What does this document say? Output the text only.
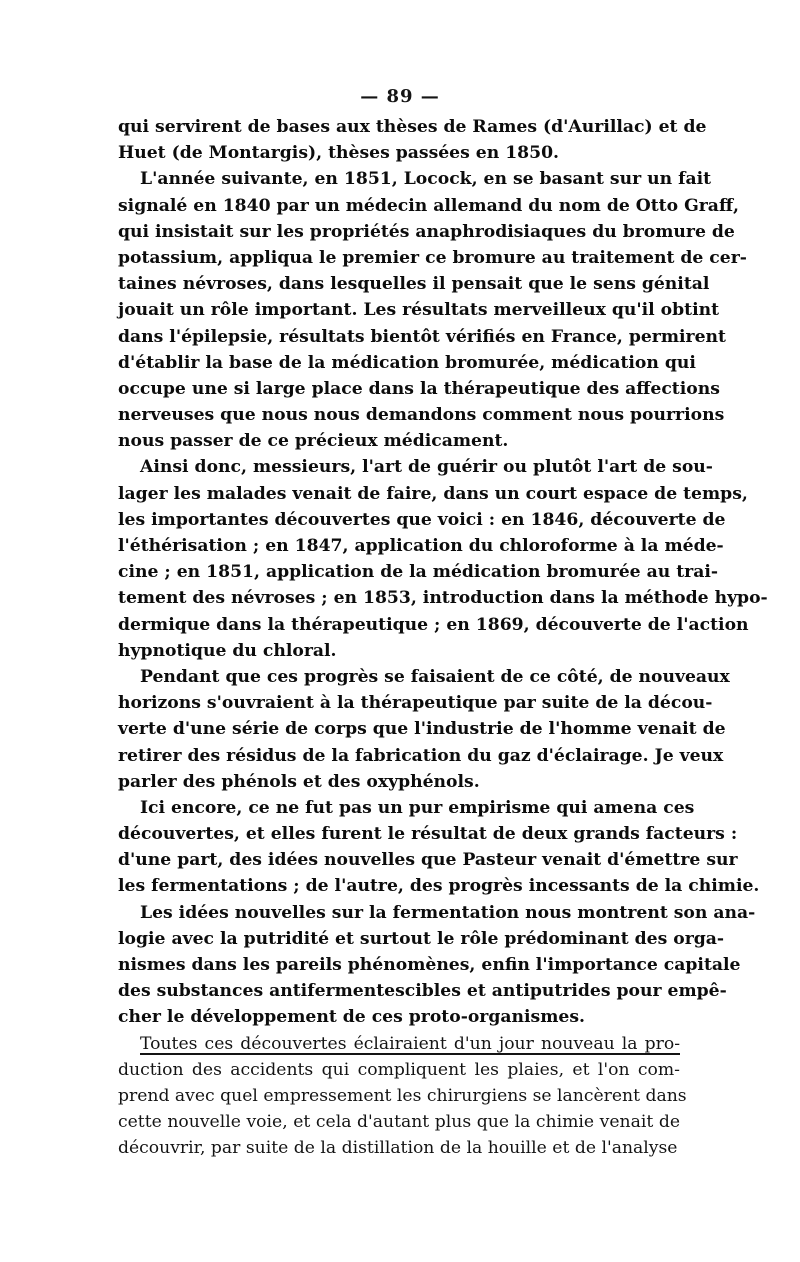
— 89 —
qui servirent de bases aux thèses de Rames (d'Aurillac) et de
Huet (de Montargis), thèses passées en 1850.
L'année suivante, en 1851, Locock, en se basant sur un fait
signalé en 1840 par un médecin allemand du nom de Otto Graff,
qui insistait sur les propriétés anaphrodisiaques du bromure de
potassium, appliqua le premier ce bromure au traitement de cer-
taines névroses, dans lesquelles il pensait que le sens génital
jouait un rôle important. Les résultats merveilleux qu'il obtint
dans l'épilepsie, résultats bientôt vérifiés en France, permirent
d'établir la base de la médication bromurée, médication qui
occupe une si large place dans la thérapeutique des affections
nerveuses que nous nous demandons comment nous pourrions
nous passer de ce précieux médicament.
Ainsi donc, messieurs, l'art de guérir ou plutôt l'art de sou-
lager les malades venait de faire, dans un court espace de temps,
les importantes découvertes que voici : en 1846, découverte de
l'éthérisation ; en 1847, application du chloroforme à la méde-
cine ; en 1851, application de la médication bromurée au trai-
tement des névroses ; en 1853, introduction dans la méthode hypo-
dermique dans la thérapeutique ; en 1869, découverte de l'action
hypnotique du chloral.
Pendant que ces progrès se faisaient de ce côté, de nouveaux
horizons s'ouvraient à la thérapeutique par suite de la décou-
verte d'une série de corps que l'industrie de l'homme venait de
retirer des résidus de la fabrication du gaz d'éclairage. Je veux
parler des phénols et des oxyphénols.
Ici encore, ce ne fut pas un pur empirisme qui amena ces
découvertes, et elles furent le résultat de deux grands facteurs :
d'une part, des idées nouvelles que Pasteur venait d'émettre sur
les fermentations ; de l'autre, des progrès incessants de la chimie.
Les idées nouvelles sur la fermentation nous montrent son ana-
logie avec la putridité et surtout le rôle prédominant des orga-
nismes dans les pareils phénomènes, enfin l'importance capitale
des substances antifermentescibles et antiputrides pour empê-
cher le développement de ces proto-organismes.
Toutes ces découvertes éclairaient d'un jour nouveau la pro-
duction des accidents qui compliquent les plaies, et l'on com-
prend avec quel empressement les chirurgiens se lancèrent dans
cette nouvelle voie, et cela d'autant plus que la chimie venait de
découvrir, par suite de la distillation de la houille et de l'analyse
